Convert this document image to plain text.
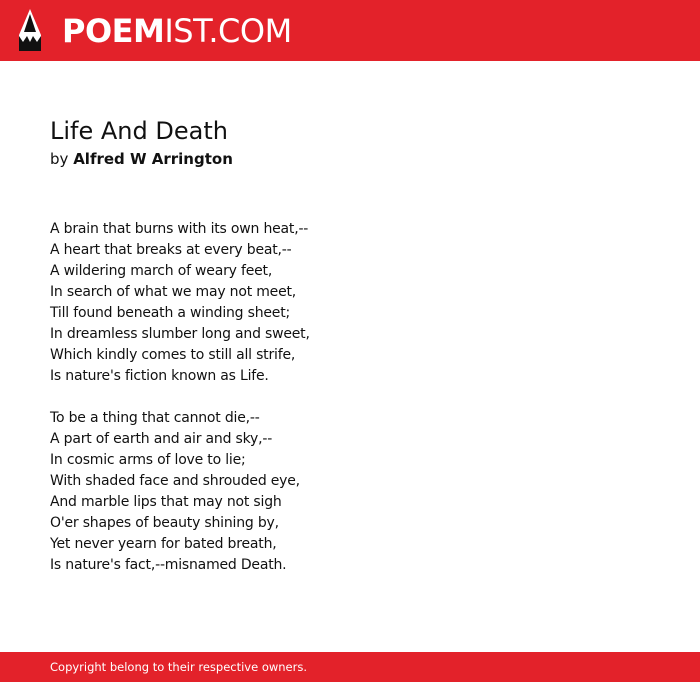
POEMIST.COM
Life And Death
by Alfred W Arrington
A brain that burns with its own heat,--
A heart that breaks at every beat,--
A wildering march of weary feet,
In search of what we may not meet,
Till found beneath a winding sheet;
In dreamless slumber long and sweet,
Which kindly comes to still all strife,
Is nature's fiction known as Life.
To be a thing that cannot die,--
A part of earth and air and sky,--
In cosmic arms of love to lie;
With shaded face and shrouded eye,
And marble lips that may not sigh
O'er shapes of beauty shining by,
Yet never yearn for bated breath,
Is nature's fact,--misnamed Death.
Copyright belong to their respective owners.
